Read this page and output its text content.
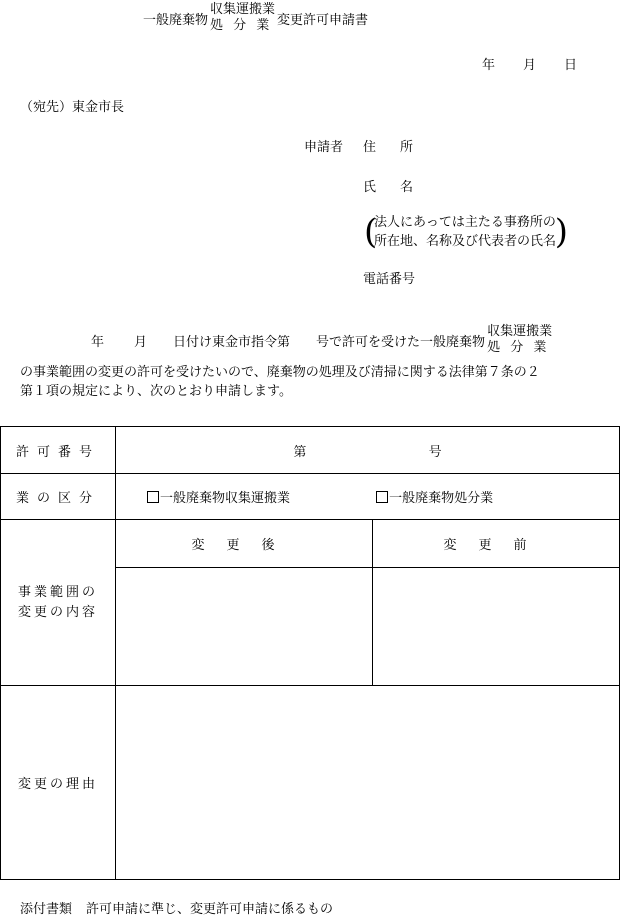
一般廃棄物
収集運搬業
処 分 業 変更許可申請書
年 月 日
（宛先）東金市長
申請者 住所
氏名
(
法人にあっては主たる事務所の
所在地、名称及び代表者の氏名
)
電話番号
年 月 日付け東金市指令第 号で許可を受けた一般廃棄物
収集運搬業
処 分 業
の事業範囲の変更の許可を受けたいので、廃棄物の処理及び清掃に関する法律第７条の２
第１項の規定により、次のとおり申請します。
許可番号	第 号	
業の区分	一般廃棄物収集運搬業 一般廃棄物処分業	

事業範囲の
変更の内容	変更後	変更前

変更の理由		
添付書類 許可申請に準じ、変更許可申請に係るもの
